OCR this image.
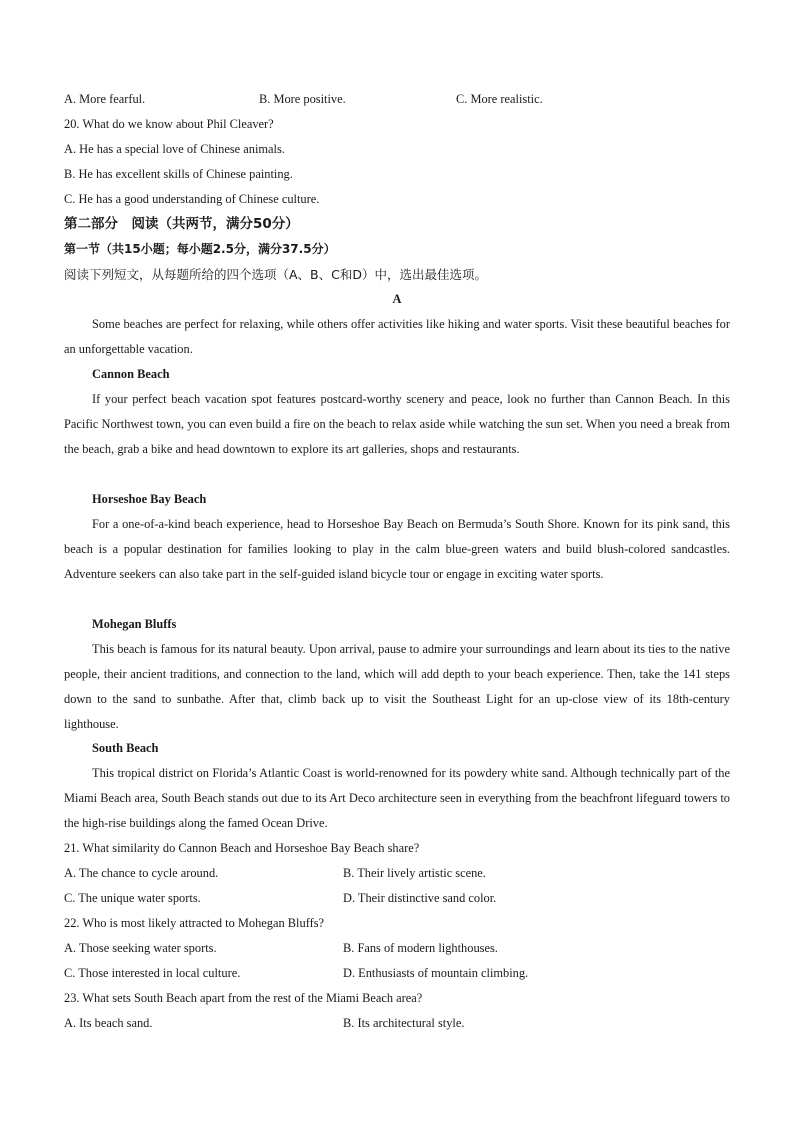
A. More fearful.	B. More positive.	C. More realistic.
20. What do we know about Phil Cleaver?
A. He has a special love of Chinese animals.
B. He has excellent skills of Chinese painting.
C. He has a good understanding of Chinese culture.
第二部分　阅读（共两节，满分50分）
第一节（共15小题；每小题2.5分，满分37.5分）
阅读下列短文，从每题所给的四个选项（A、B、C和D）中，选出最佳选项。
A

Some beaches are perfect for relaxing, while others offer activities like hiking and water sports. Visit these beautiful beaches for an unforgettable vacation.

Cannon Beach

If your perfect beach vacation spot features postcard-worthy scenery and peace, look no further than Cannon Beach. In this Pacific Northwest town, you can even build a fire on the beach to relax aside while watching the sun set. When you need a break from the beach, grab a bike and head downtown to explore its art galleries, shops and restaurants.

Horseshoe Bay Beach

For a one-of-a-kind beach experience, head to Horseshoe Bay Beach on Bermuda’s South Shore. Known for its pink sand, this beach is a popular destination for families looking to play in the calm blue-green waters and build blush-colored sandcastles. Adventure seekers can also take part in the self-guided island bicycle tour or engage in exciting water sports.

Mohegan Bluffs

This beach is famous for its natural beauty. Upon arrival, pause to admire your surroundings and learn about its ties to the native people, their ancient traditions, and connection to the land, which will add depth to your beach experience. Then, take the 141 steps down to the sand to sunbathe. After that, climb back up to visit the Southeast Light for an up-close view of its 18th-century lighthouse.

South Beach

This tropical district on Florida’s Atlantic Coast is world-renowned for its powdery white sand. Although technically part of the Miami Beach area, South Beach stands out due to its Art Deco architecture seen in everything from the beachfront lifeguard towers to the high-rise buildings along the famed Ocean Drive.

21. What similarity do Cannon Beach and Horseshoe Bay Beach share?
A. The chance to cycle around.	B. Their lively artistic scene.
C. The unique water sports.	D. Their distinctive sand color.
22. Who is most likely attracted to Mohegan Bluffs?
A. Those seeking water sports.	B. Fans of modern lighthouses.
C. Those interested in local culture.	D. Enthusiasts of mountain climbing.
23. What sets South Beach apart from the rest of the Miami Beach area?
A. Its beach sand.	B. Its architectural style.
